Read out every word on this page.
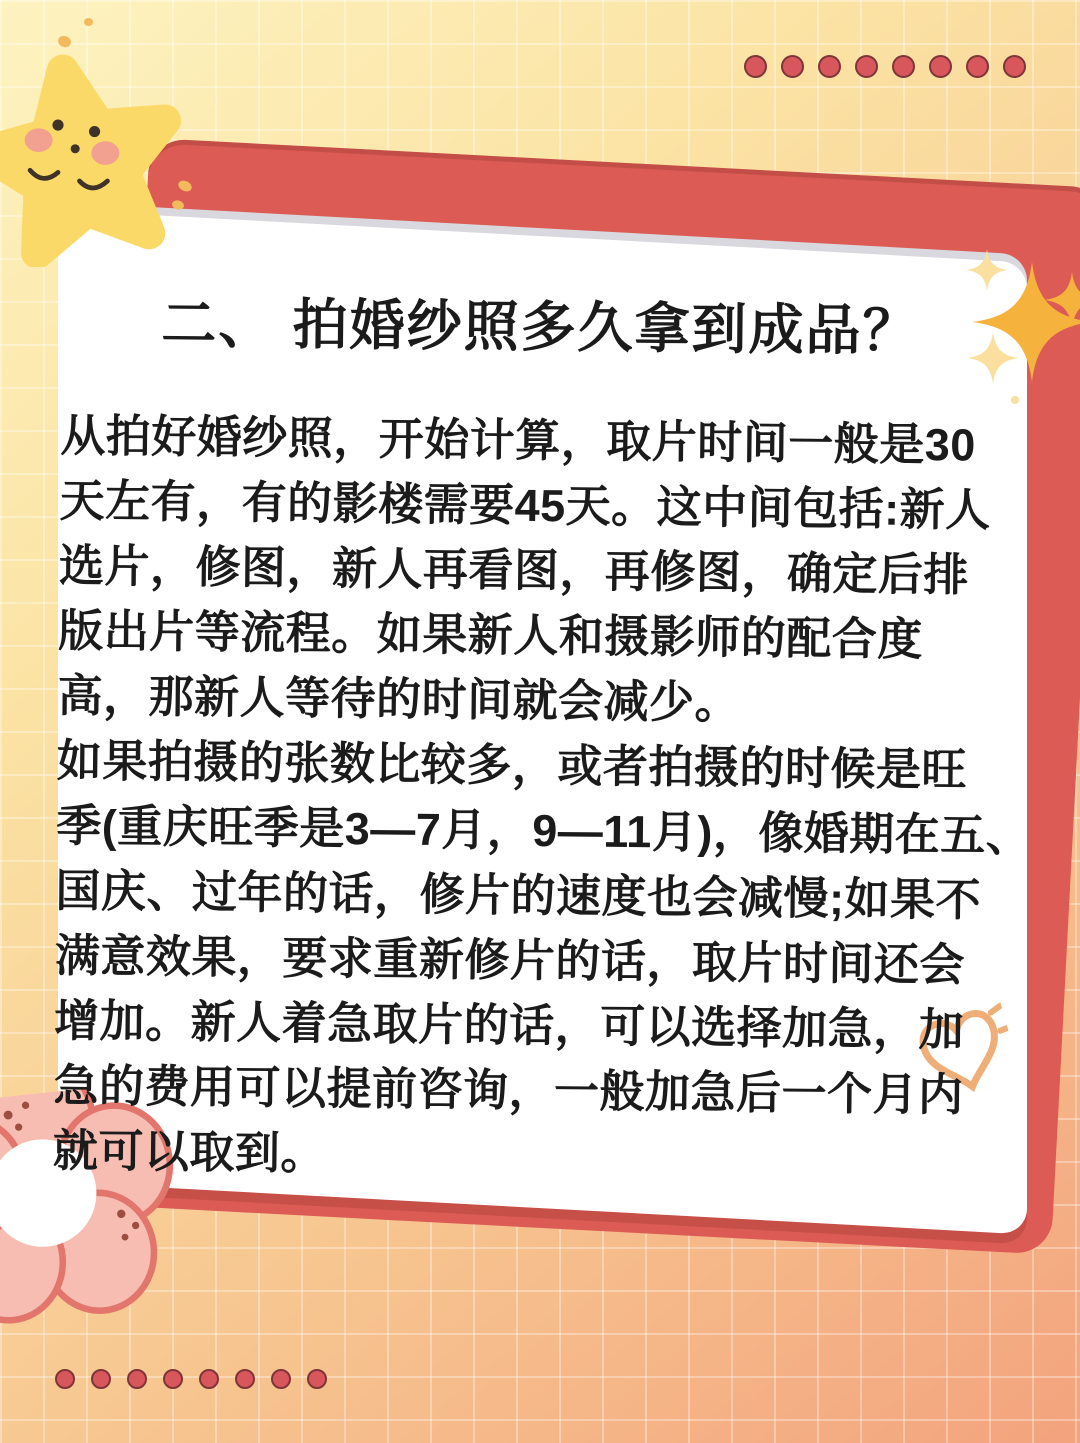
二、 拍婚纱照多久拿到成品？
从拍好婚纱照，开始计算，取片时间一般是30
天左有，有的影楼需要45天。这中间包括:新人
选片，修图，新人再看图，再修图，确定后排
版出片等流程。如果新人和摄影师的配合度
高，那新人等待的时间就会减少。
如果拍摄的张数比较多，或者拍摄的时候是旺
季(重庆旺季是3—7月，9—11月)，像婚期在五、
国庆、过年的话，修片的速度也会减慢;如果不
满意效果，要求重新修片的话，取片时间还会
增加。新人着急取片的话，可以选择加急，加
急的费用可以提前咨询，一般加急后一个月内
就可以取到。
